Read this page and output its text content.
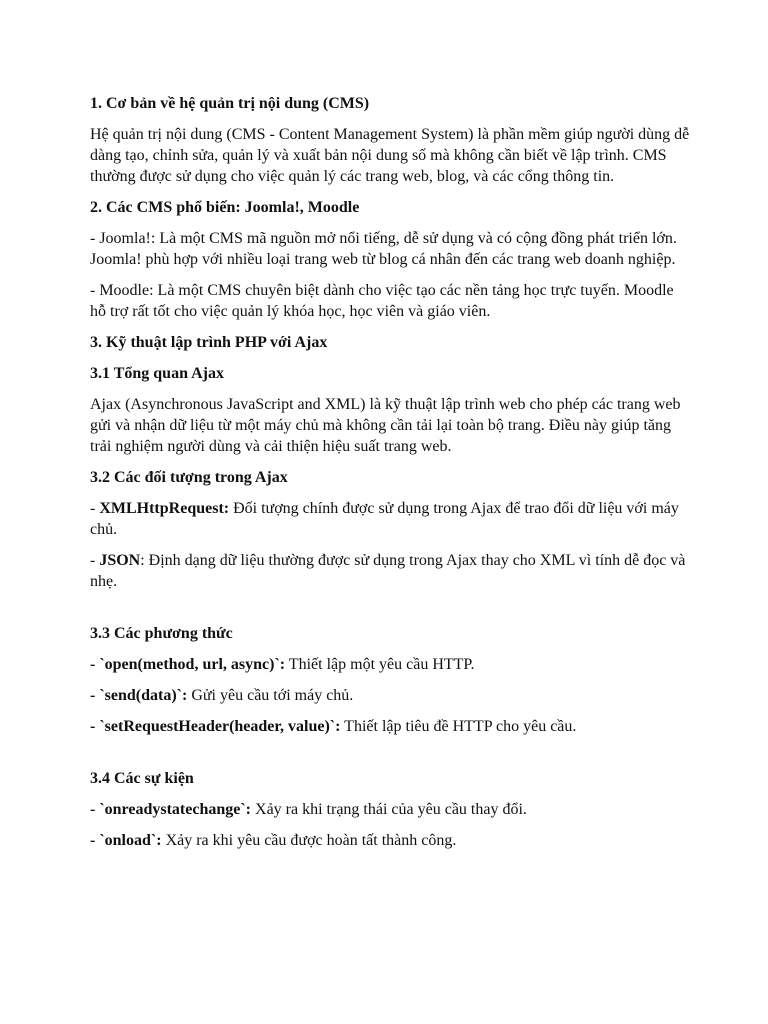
1. Cơ bản về hệ quản trị nội dung (CMS)
Hệ quản trị nội dung (CMS - Content Management System) là phần mềm giúp người dùng dễ dàng tạo, chỉnh sửa, quản lý và xuất bản nội dung số mà không cần biết về lập trình. CMS thường được sử dụng cho việc quản lý các trang web, blog, và các cổng thông tin.
2. Các CMS phổ biến: Joomla!, Moodle
- Joomla!: Là một CMS mã nguồn mở nổi tiếng, dễ sử dụng và có cộng đồng phát triển lớn. Joomla! phù hợp với nhiều loại trang web từ blog cá nhân đến các trang web doanh nghiệp.
- Moodle: Là một CMS chuyên biệt dành cho việc tạo các nền tảng học trực tuyến. Moodle hỗ trợ rất tốt cho việc quản lý khóa học, học viên và giáo viên.
3. Kỹ thuật lập trình PHP với Ajax
3.1 Tổng quan Ajax
Ajax (Asynchronous JavaScript and XML) là kỹ thuật lập trình web cho phép các trang web gửi và nhận dữ liệu từ một máy chủ mà không cần tải lại toàn bộ trang. Điều này giúp tăng trải nghiệm người dùng và cải thiện hiệu suất trang web.
3.2 Các đối tượng trong Ajax
- XMLHttpRequest: Đối tượng chính được sử dụng trong Ajax để trao đổi dữ liệu với máy chủ.
- JSON: Định dạng dữ liệu thường được sử dụng trong Ajax thay cho XML vì tính dễ đọc và nhẹ.
3.3 Các phương thức
- `open(method, url, async)`: Thiết lập một yêu cầu HTTP.
- `send(data)`: Gửi yêu cầu tới máy chủ.
- `setRequestHeader(header, value)`: Thiết lập tiêu đề HTTP cho yêu cầu.
3.4 Các sự kiện
- `onreadystatechange`: Xảy ra khi trạng thái của yêu cầu thay đổi.
- `onload`: Xảy ra khi yêu cầu được hoàn tất thành công.
